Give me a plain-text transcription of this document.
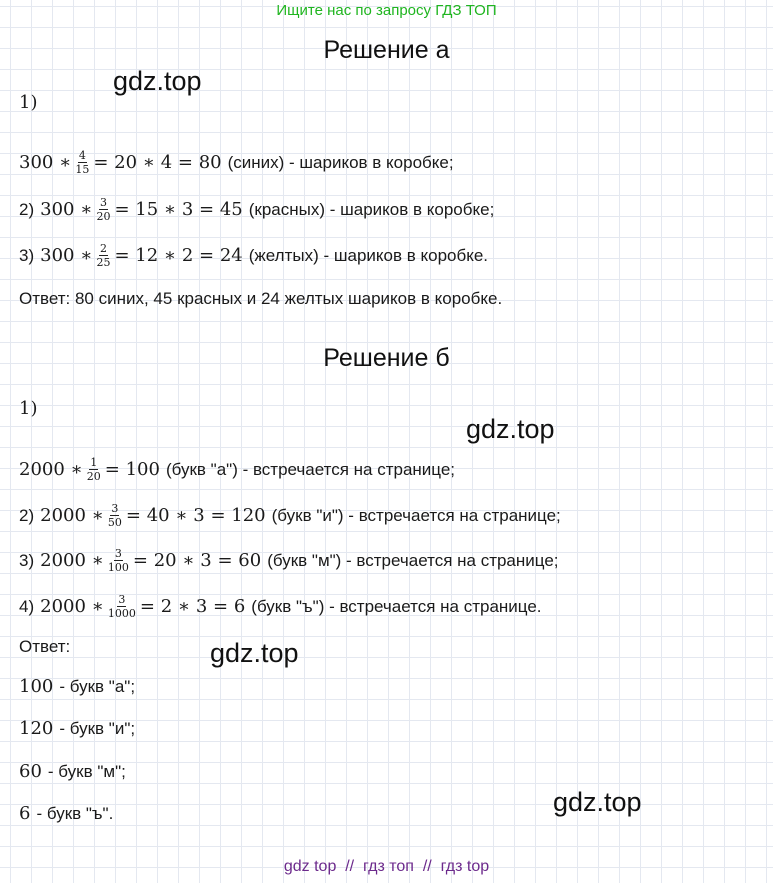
Ищите нас по запросу ГДЗ ТОП
Решение а
gdz.top
1)
300 ∗ $\frac{4}{15} = 20$ ∗ 4 = 80 (синих) - шариков в коробке;
2) 300 ∗ $\frac{3}{20} = 15$ ∗ 3 = 45 (красных) - шариков в коробке;
3) 300 ∗ $\frac{2}{25} = 12$ ∗ 2 = 24 (желтых) - шариков в коробке.
Ответ: 80 синих, 45 красных и 24 желтых шариков в коробке.
Решение б
1)
gdz.top
2000 ∗ $\frac{1}{20} = 100$ (букв "а") - встречается на странице;
2) 2000 ∗ $\frac{3}{50} = 40$ ∗ 3 = 120 (букв "и") - встречается на странице;
3) 2000 ∗ $\frac{3}{100} = 20$ ∗ 3 = 60 (букв "м") - встречается на странице;
4) 2000 ∗ $\frac{3}{1000} = 2$ ∗ 3 = 6 (букв "ъ") - встречается на странице.
Ответ:	gdz.top
100 - букв "а";
120 - букв "и";
60 - букв "м";
gdz.top
6 - букв "ъ".
gdz top // гдз топ // гдз top
